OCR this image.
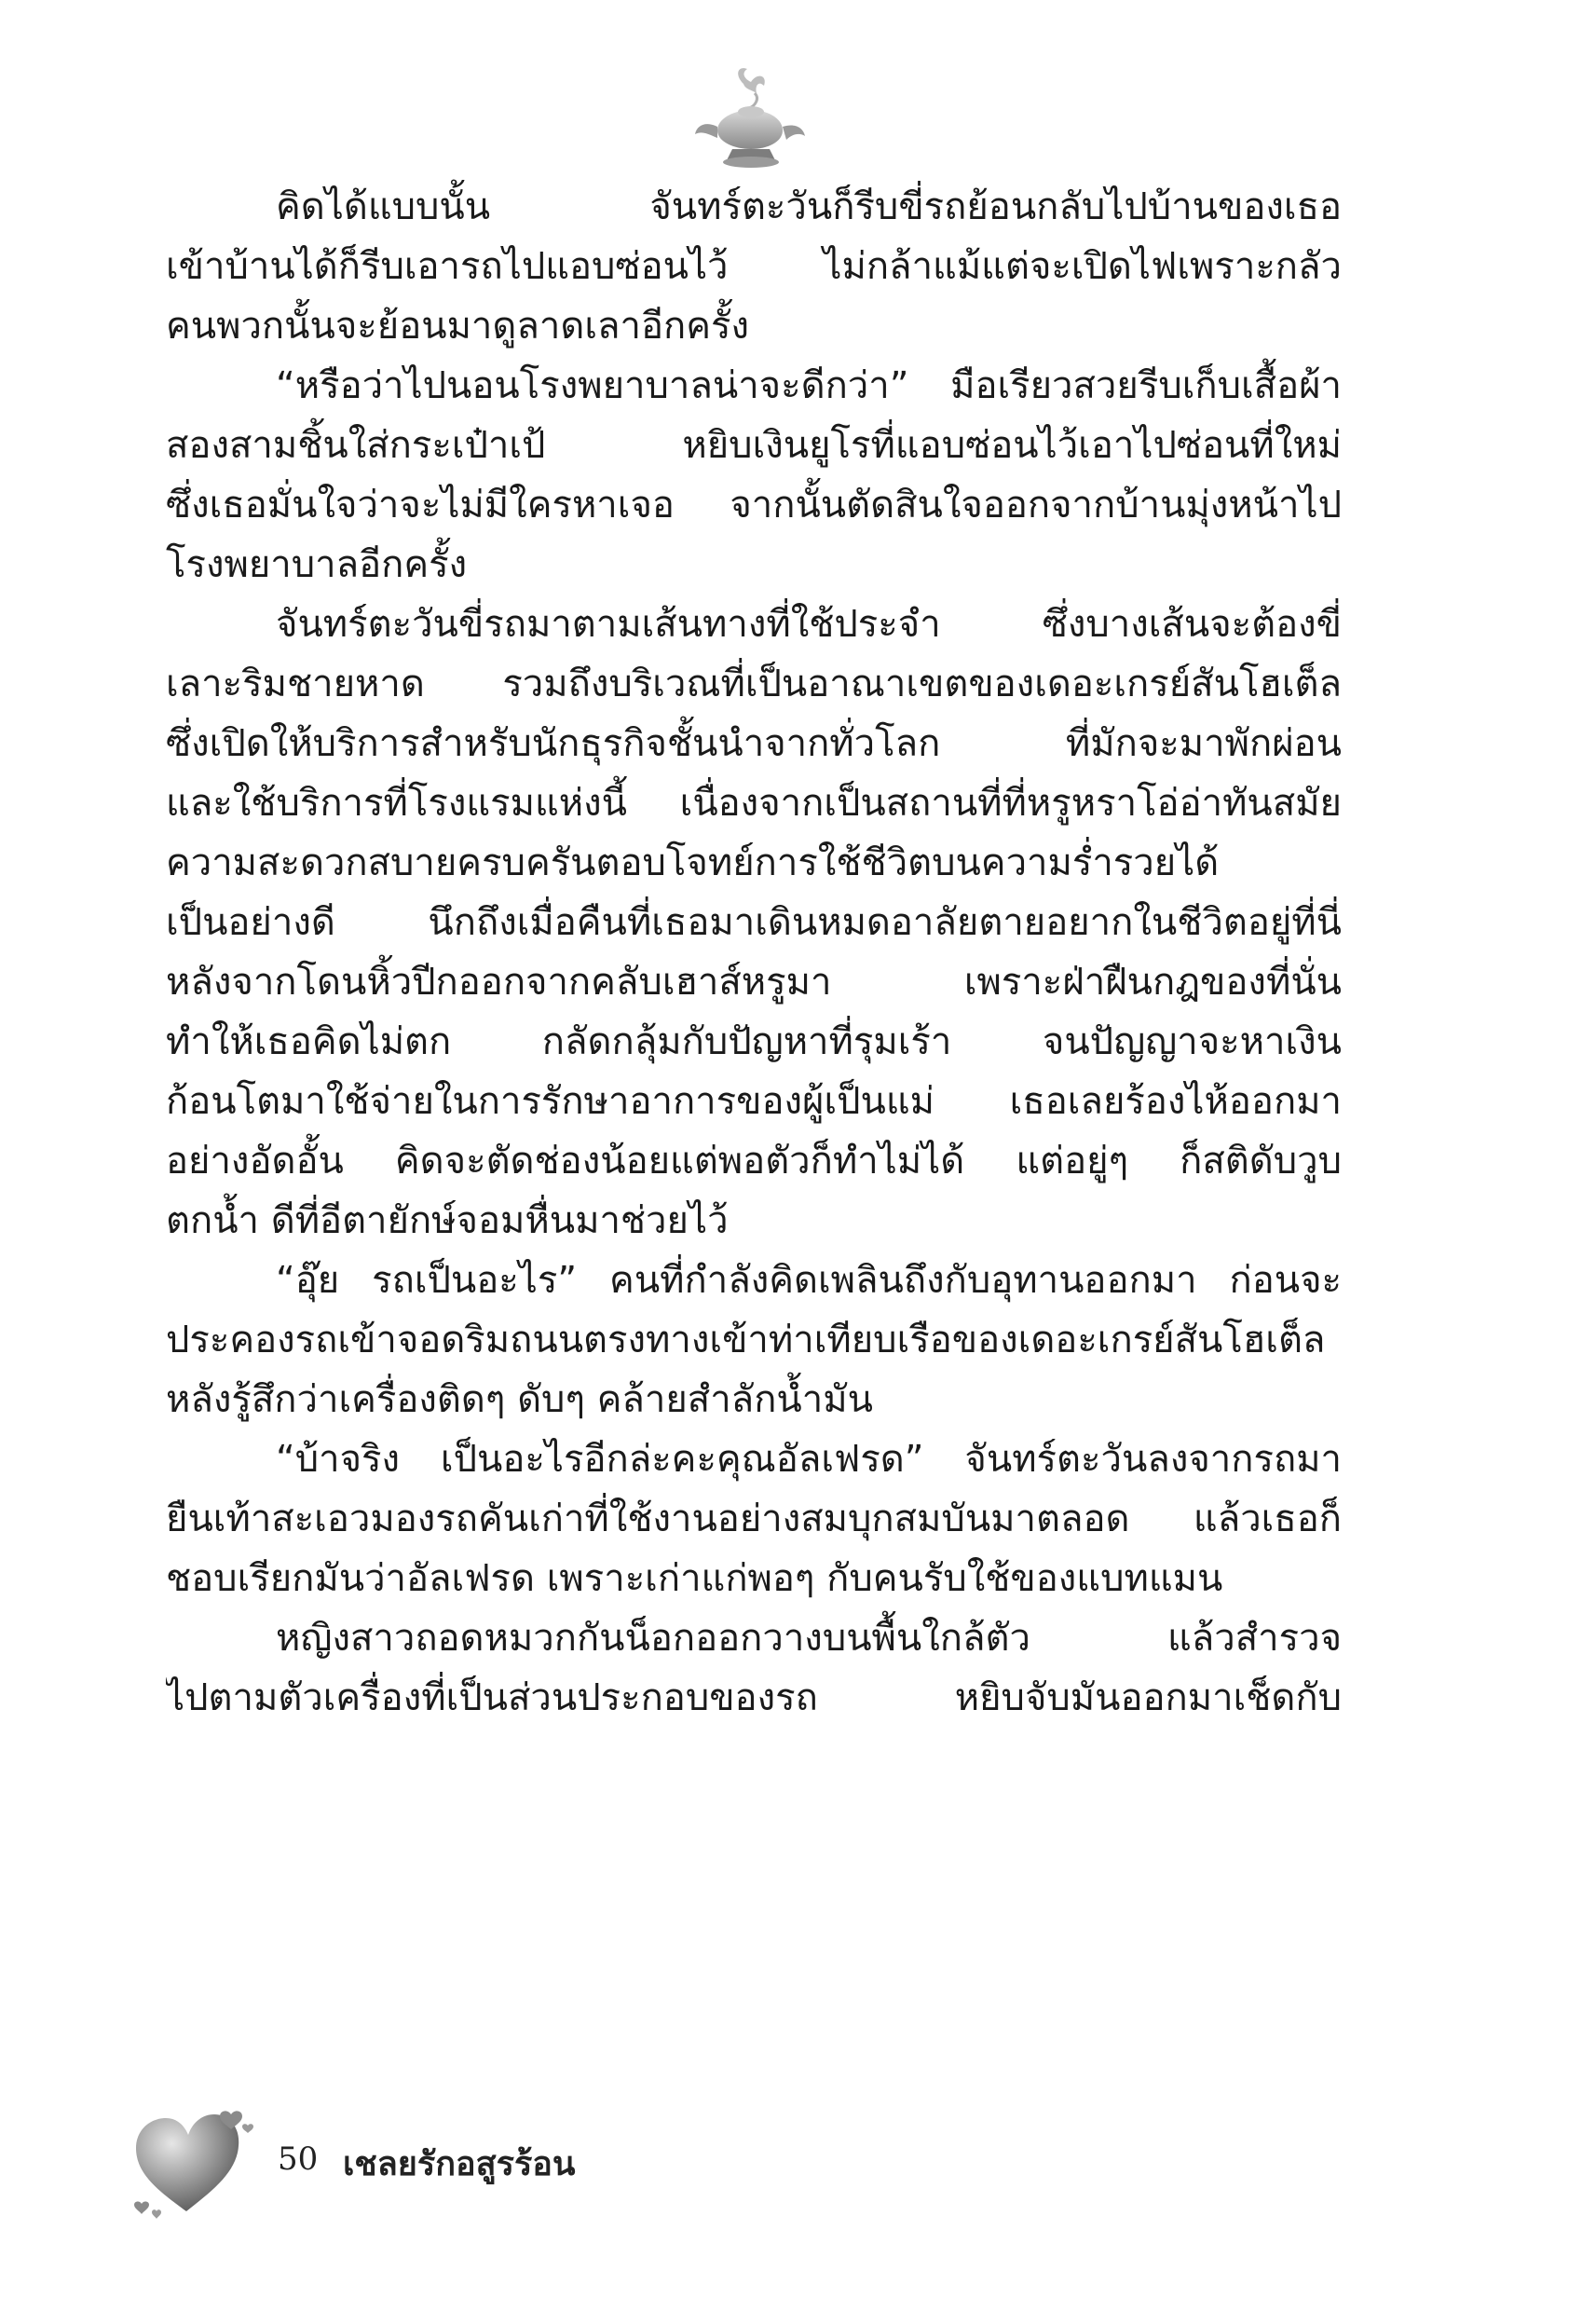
คิดได้แบบนั้น จันทร์ตะวันก็รีบขี่รถย้อนกลับไปบ้านของเธอ
เข้าบ้านได้ก็รีบเอารถไปแอบซ่อนไว้ ไม่กล้าแม้แต่จะเปิดไฟเพราะกลัว
คนพวกนั้นจะย้อนมาดูลาดเลาอีกครั้ง
“หรือว่าไปนอนโรงพยาบาลน่าจะดีกว่า” มือเรียวสวยรีบเก็บเสื้อผ้า
สองสามชิ้นใส่กระเป๋าเป้ หยิบเงินยูโรที่แอบซ่อนไว้เอาไปซ่อนที่ใหม่
ซึ่งเธอมั่นใจว่าจะไม่มีใครหาเจอ จากนั้นตัดสินใจออกจากบ้านมุ่งหน้าไป
โรงพยาบาลอีกครั้ง
จันทร์ตะวันขี่รถมาตามเส้นทางที่ใช้ประจำ ซึ่งบางเส้นจะต้องขี่
เลาะริมชายหาด รวมถึงบริเวณที่เป็นอาณาเขตของเดอะเกรย์สันโฮเต็ล
ซึ่งเปิดให้บริการสำหรับนักธุรกิจชั้นนำจากทั่วโลก ที่มักจะมาพักผ่อน
และใช้บริการที่โรงแรมแห่งนี้ เนื่องจากเป็นสถานที่ที่หรูหราโอ่อ่าทันสมัย
ความสะดวกสบายครบครันตอบโจทย์การใช้ชีวิตบนความร่ำรวยได้
เป็นอย่างดี นึกถึงเมื่อคืนที่เธอมาเดินหมดอาลัยตายอยากในชีวิตอยู่ที่นี่
หลังจากโดนหิ้วปีกออกจากคลับเฮาส์หรูมา เพราะฝ่าฝืนกฎของที่นั่น
ทำให้เธอคิดไม่ตก กลัดกลุ้มกับปัญหาที่รุมเร้า จนปัญญาจะหาเงิน
ก้อนโตมาใช้จ่ายในการรักษาอาการของผู้เป็นแม่ เธอเลยร้องไห้ออกมา
อย่างอัดอั้น คิดจะตัดช่องน้อยแต่พอตัวก็ทำไม่ได้ แต่อยู่ๆ ก็สติดับวูบ
ตกน้ำ ดีที่อีตายักษ์จอมหื่นมาช่วยไว้
“อุ๊ย รถเป็นอะไร” คนที่กำลังคิดเพลินถึงกับอุทานออกมา ก่อนจะ
ประคองรถเข้าจอดริมถนนตรงทางเข้าท่าเทียบเรือของเดอะเกรย์สันโฮเต็ล
หลังรู้สึกว่าเครื่องติดๆ ดับๆ คล้ายสำลักน้ำมัน
“บ้าจริง เป็นอะไรอีกล่ะคะคุณอัลเฟรด” จันทร์ตะวันลงจากรถมา
ยืนเท้าสะเอวมองรถคันเก่าที่ใช้งานอย่างสมบุกสมบันมาตลอด แล้วเธอก็
ชอบเรียกมันว่าอัลเฟรด เพราะเก่าแก่พอๆ กับคนรับใช้ของแบทแมน
หญิงสาวถอดหมวกกันน็อกออกวางบนพื้นใกล้ตัว แล้วสำรวจ
ไปตามตัวเครื่องที่เป็นส่วนประกอบของรถ หยิบจับมันออกมาเช็ดกับ
50 เชลยรักอสูรร้อน
